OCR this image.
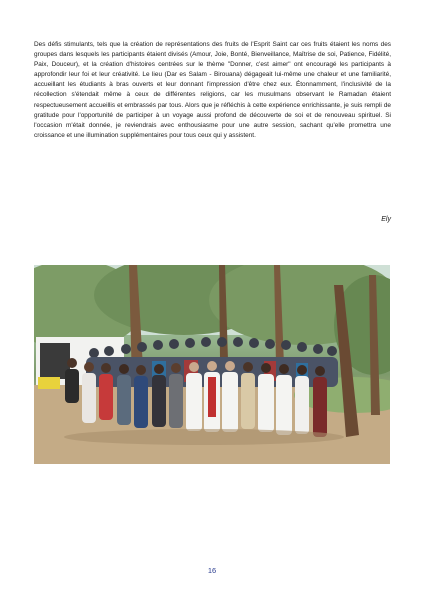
Des défis stimulants, tels que la création de représentations des fruits de l'Esprit Saint car ces fruits étaient les noms des groupes dans lesquels les participants étaient divisés (Amour, Joie, Bonté, Bienveillance, Maîtrise de soi, Patience, Fidélité, Paix, Douceur), et la création d'histoires centrées sur le thème "Donner, c'est aimer" ont encouragé les participants à approfondir leur foi et leur créativité. Le lieu (Dar es Salam - Birouana) dégageait lui-même une chaleur et une familiarité, accueillant les étudiants à bras ouverts et leur donnant l'impression d'être chez eux. Étonnamment, l'inclusivité de la récollection s'étendait même à ceux de différentes religions, car les musulmans observant le Ramadan étaient respectueusement accueillis et embrassés par tous. Alors que je réfléchis à cette expérience enrichissante, je suis rempli de gratitude pour l'opportunité de participer à un voyage aussi profond de découverte de soi et de renouveau spirituel. Si l'occasion m'était donnée, je reviendrais avec enthousiasme pour une autre session, sachant qu'elle promettra une croissance et une illumination supplémentaires pour tous ceux qui y assistent.

Ely
16
